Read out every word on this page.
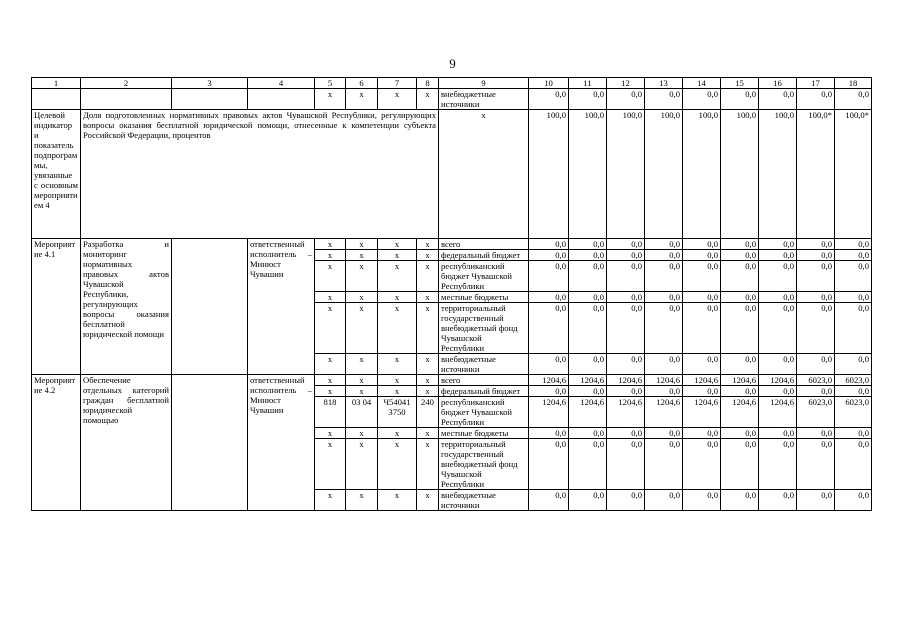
9
1	2	3	4	5	6	7	8	9	10	11	12	13	14	15	16	17	18
				х	х	х	х	внебюджетные источники	0,0	0,0	0,0	0,0	0,0	0,0	0,0	0,0	0,0
Целевой индикатор и показатель подпрограммы, увязанные с основным мероприятием 4	Доля подготовленных нормативных правовых актов Чувашской Республики, регулирующих вопросы оказания бесплатной юридической помощи, отнесенные к компетенции субъекта Российской Федерации, процентов							х	100,0	100,0	100,0	100,0	100,0	100,0	100,0	100,0*	100,0*
Мероприятие 4.1	Разработка и мониторинг нормативных правовых актов Чувашской Республики, регулирующих вопросы оказания бесплатной юридической помощи		ответственный исполнитель – Минюст Чувашии	х	х	х	х	всего	0,0	0,0	0,0	0,0	0,0	0,0	0,0	0,0	0,0
				х	х	х	х	федеральный бюджет	0,0	0,0	0,0	0,0	0,0	0,0	0,0	0,0	0,0
				х	х	х	х	республиканский бюджет Чувашской Республики	0,0	0,0	0,0	0,0	0,0	0,0	0,0	0,0	0,0
				х	х	х	х	местные бюджеты	0,0	0,0	0,0	0,0	0,0	0,0	0,0	0,0	0,0
				х	х	х	х	территориальный государственный внебюджетный фонд Чувашской Республики	0,0	0,0	0,0	0,0	0,0	0,0	0,0	0,0	0,0
				х	х	х	х	внебюджетные источники	0,0	0,0	0,0	0,0	0,0	0,0	0,0	0,0	0,0
Мероприятие 4.2	Обеспечение отдельных категорий граждан бесплатной юридической помощью		ответственный исполнитель – Минюст Чувашии	х	х	х	х	всего	1204,6	1204,6	1204,6	1204,6	1204,6	1204,6	1204,6	6023,0	6023,0
				х	х	х	х	федеральный бюджет	0,0	0,0	0,0	0,0	0,0	0,0	0,0	0,0	0,0
				818	03 04	Ч54041 3750	240	республиканский бюджет Чувашской Республики	1204,6	1204,6	1204,6	1204,6	1204,6	1204,6	1204,6	6023,0	6023,0
				х	х	х	х	местные бюджеты	0,0	0,0	0,0	0,0	0,0	0,0	0,0	0,0	0,0
				х	х	х	х	территориальный государственный внебюджетный фонд Чувашской Республики	0,0	0,0	0,0	0,0	0,0	0,0	0,0	0,0	0,0
				х	х	х	х	внебюджетные источники	0,0	0,0	0,0	0,0	0,0	0,0	0,0	0,0	0,0
